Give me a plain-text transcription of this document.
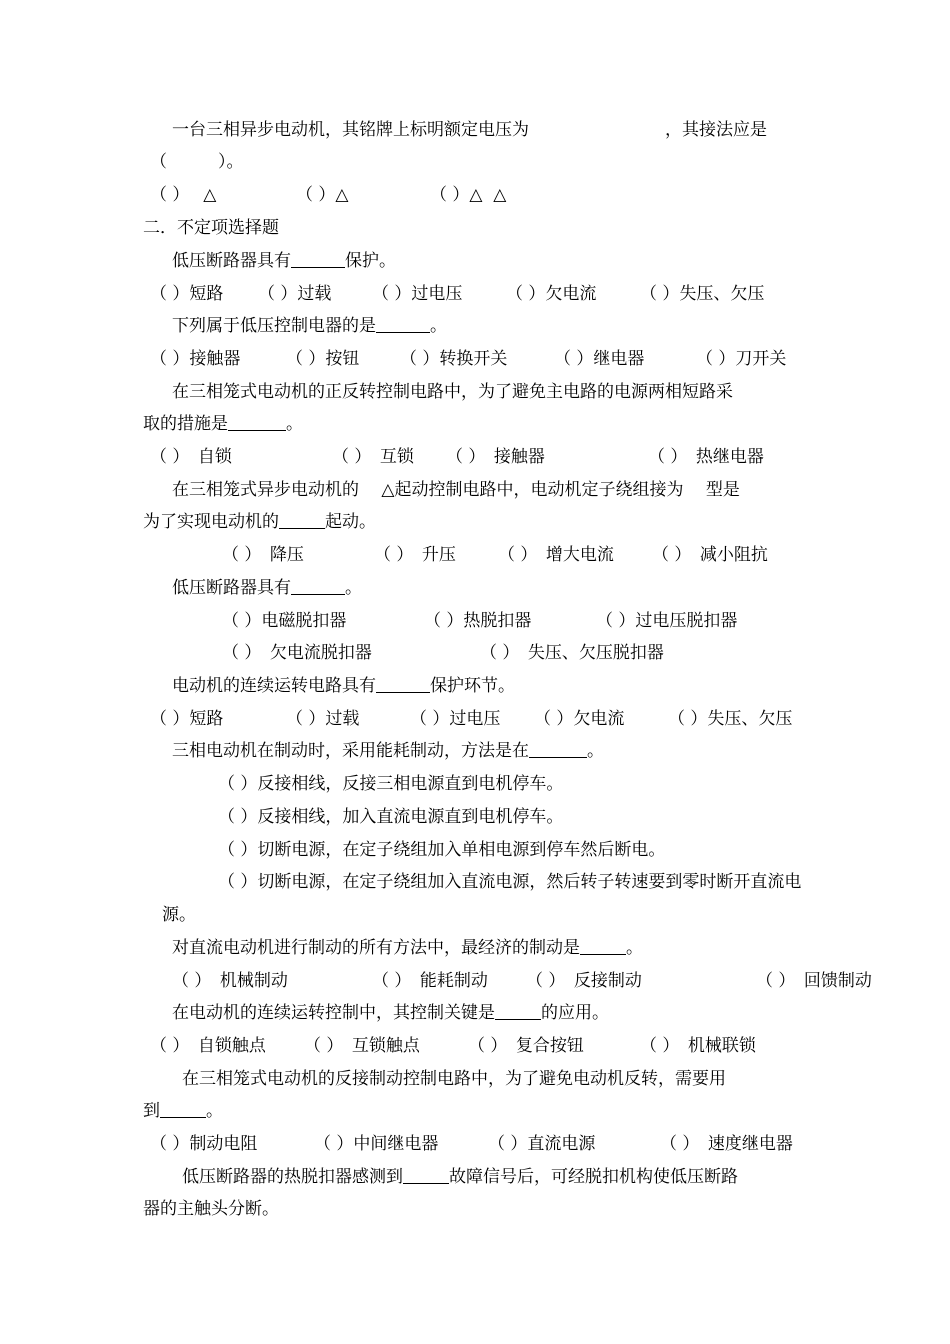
一台三相异步电动机，其铭牌上标明额定电压为	，其接法应是
（　　　）。
（ ）　 △	（ ）△	（ ）△  △
二．不定项选择题
低压断路器具有	保护。
（ ）短路 （ ）过载 （ ）过电压	（ ）欠电流	（ ）失压、欠压
下列属于低压控制电器的是	。
（ ）接触器	（ ）按钮 （ ）转换开关	（ ）继电器	（ ）刀开关
在三相笼式电动机的正反转控制电路中，为了避免主电路的电源两相短路采
取的措施是	。
（ ）　自锁	（ ）　互锁 （ ）　接触器	（ ）　热继电器
在三相笼式异步电动机的　 △起动控制电路中，电动机定子绕组接为　 型是
为了实现电动机的	起动。
（ ）　降压	（ ）　升压 （ ）　增大电流 （ ）　减小阻抗
低压断路器具有	。
（ ）电磁脱扣器	（ ）热脱扣器	（ ）过电压脱扣器
（ ）　欠电流脱扣器	（ ）　失压、欠压脱扣器
电动机的连续运转电路具有	保护环节。
（ ）短路	（ ）过载	（ ）过电压 （ ）欠电流	（ ）失压、欠压
三相电动机在制动时，采用能耗制动，方法是在	。
（ ）反接相线，反接三相电源直到电机停车。
（ ）反接相线，加入直流电源直到电机停车。
（ ）切断电源，在定子绕组加入单相电源到停车然后断电。
（ ）切断电源，在定子绕组加入直流电源，然后转子转速要到零时断开直流电
源。
对直流电动机进行制动的所有方法中，最经济的制动是	。
（ ）　机械制动	（ ）　能耗制动 （ ）　反接制动	（ ）　回馈制动
在电动机的连续运转控制中，其控制关键是	的应用。
（ ）　自锁触点 （ ）　互锁触点	（ ）　复合按钮	（ ）　机械联锁
在三相笼式电动机的反接制动控制电路中，为了避免电动机反转，需要用
到	。
（ ）制动电阻	（ ）中间继电器	（ ）直流电源	（ ）　速度继电器
低压断路器的热脱扣器感测到	故障信号后，可经脱扣机构使低压断路
器的主触头分断。
